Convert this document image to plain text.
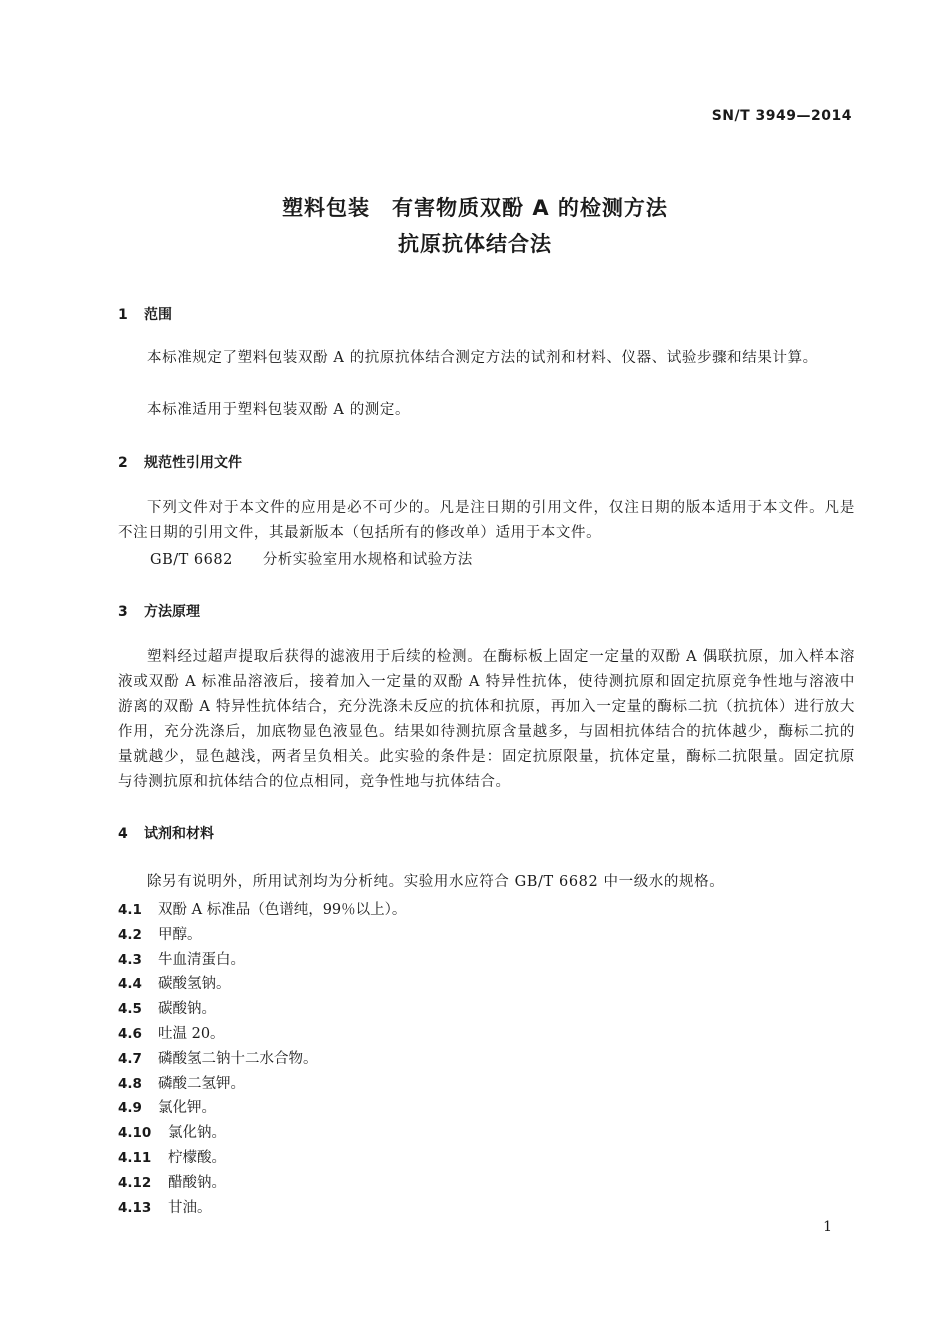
SN/T 3949—2014
塑料包装　有害物质双酚 A 的检测方法
抗原抗体结合法
1 范围
本标准规定了塑料包装双酚 A 的抗原抗体结合测定方法的试剂和材料、仪器、试验步骤和结果计算。
本标准适用于塑料包装双酚 A 的测定。
2 规范性引用文件
下列文件对于本文件的应用是必不可少的。凡是注日期的引用文件，仅注日期的版本适用于本文件。凡是不注日期的引用文件，其最新版本（包括所有的修改单）适用于本文件。
GB/T 6682 分析实验室用水规格和试验方法
3 方法原理
塑料经过超声提取后获得的滤液用于后续的检测。在酶标板上固定一定量的双酚 A 偶联抗原，加入样本溶液或双酚 A 标准品溶液后，接着加入一定量的双酚 A 特异性抗体，使待测抗原和固定抗原竞争性地与溶液中游离的双酚 A 特异性抗体结合，充分洗涤未反应的抗体和抗原，再加入一定量的酶标二抗（抗抗体）进行放大作用，充分洗涤后，加底物显色液显色。结果如待测抗原含量越多，与固相抗体结合的抗体越少，酶标二抗的量就越少，显色越浅，两者呈负相关。此实验的条件是：固定抗原限量，抗体定量，酶标二抗限量。固定抗原与待测抗原和抗体结合的位点相同，竞争性地与抗体结合。
4 试剂和材料
除另有说明外，所用试剂均为分析纯。实验用水应符合 GB/T 6682 中一级水的规格。
4.1 双酚 A 标准品（色谱纯，99％以上）。
4.2 甲醇。
4.3 牛血清蛋白。
4.4 碳酸氢钠。
4.5 碳酸钠。
4.6 吐温 20。
4.7 磷酸氢二钠十二水合物。
4.8 磷酸二氢钾。
4.9 氯化钾。
4.10 氯化钠。
4.11 柠檬酸。
4.12 醋酸钠。
4.13 甘油。
1
